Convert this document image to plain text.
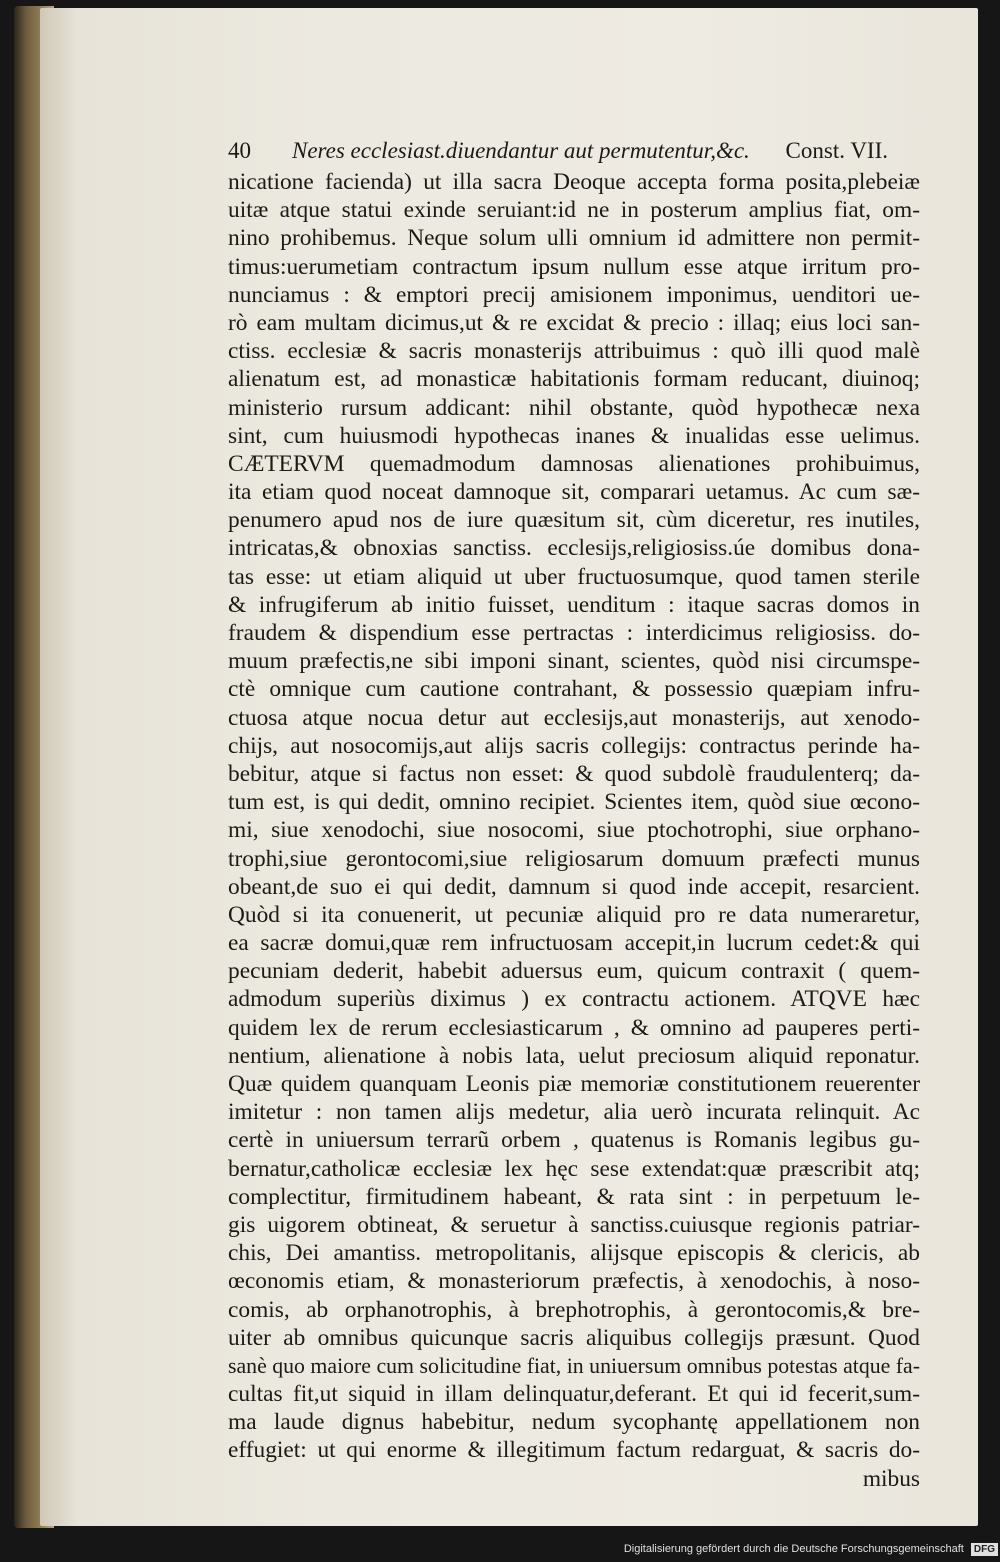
40 Neres ecclesiast.diuendantur aut permutentur,&c. Const. VII.
nicatione facienda) ut illa sacra Deoque accepta forma posita,plebeiæ
uitæ atque statui exinde seruiant:id ne in posterum amplius fiat, om-
nino prohibemus. Neque solum ulli omnium id admittere non permit-
timus:uerumetiam contractum ipsum nullum esse atque irritum pro-
nunciamus : & emptori precij amisionem imponimus, uenditori ue-
rò eam multam dicimus,ut & re excidat & precio : illaq; eius loci san-
ctiss. ecclesiæ & sacris monasterijs attribuimus : quò illi quod malè
alienatum est, ad monasticæ habitationis formam reducant, diuinoq;
ministerio rursum addicant: nihil obstante, quòd hypothecæ nexa
sint, cum huiusmodi hypothecas inanes & inualidas esse uelimus.
CÆTERVM quemadmodum damnosas alienationes prohibuimus,
ita etiam quod noceat damnoque sit, comparari uetamus. Ac cum sæ-
penumero apud nos de iure quæsitum sit, cùm diceretur, res inutiles,
intricatas,& obnoxias sanctiss. ecclesijs,religiosiss.úe domibus dona-
tas esse: ut etiam aliquid ut uber fructuosumque, quod tamen sterile
& infrugiferum ab initio fuisset, uenditum : itaque sacras domos in
fraudem & dispendium esse pertractas : interdicimus religiosiss. do-
muum præfectis,ne sibi imponi sinant, scientes, quòd nisi circumspe-
ctè omnique cum cautione contrahant, & possessio quæpiam infru-
ctuosa atque nocua detur aut ecclesijs,aut monasterijs, aut xenodo-
chijs, aut nosocomijs,aut alijs sacris collegijs: contractus perinde ha-
bebitur, atque si factus non esset: & quod subdolè fraudulenterq; da-
tum est, is qui dedit, omnino recipiet. Scientes item, quòd siue œcono-
mi, siue xenodochi, siue nosocomi, siue ptochotrophi, siue orphano-
trophi,siue gerontocomi,siue religiosarum domuum præfecti munus
obeant,de suo ei qui dedit, damnum si quod inde accepit, resarcient.
Quòd si ita conuenerit, ut pecuniæ aliquid pro re data numeraretur,
ea sacræ domui,quæ rem infructuosam accepit,in lucrum cedet:& qui
pecuniam dederit, habebit aduersus eum, quicum contraxit ( quem-
admodum superiùs diximus ) ex contractu actionem. ATQVE hæc
quidem lex de rerum ecclesiasticarum , & omnino ad pauperes perti-
nentium, alienatione à nobis lata, uelut preciosum aliquid reponatur.
Quæ quidem quanquam Leonis piæ memoriæ constitutionem reuerenter
imitetur : non tamen alijs medetur, alia uerò incurata relinquit. Ac
certè in uniuersum terrarũ orbem , quatenus is Romanis legibus gu-
bernatur,catholicæ ecclesiæ lex hęc sese extendat:quæ præscribit atq;
complectitur, firmitudinem habeant, & rata sint : in perpetuum le-
gis uigorem obtineat, & seruetur à sanctiss.cuiusque regionis patriar-
chis, Dei amantiss. metropolitanis, alijsque episcopis & clericis, ab
œconomis etiam, & monasteriorum præfectis, à xenodochis, à noso-
comis, ab orphanotrophis, à brephotrophis, à gerontocomis,& bre-
uiter ab omnibus quicunque sacris aliquibus collegijs præsunt. Quod
sanè quo maiore cum solicitudine fiat, in uniuersum omnibus potestas atque fa-
cultas fit,ut siquid in illam delinquatur,deferant. Et qui id fecerit,sum-
ma laude dignus habebitur, nedum sycophantę appellationem non
effugiet: ut qui enorme & illegitimum factum redarguat, & sacris do-
mibus
Digitalisierung gefördert durch die Deutsche Forschungsgemeinschaft DFG
